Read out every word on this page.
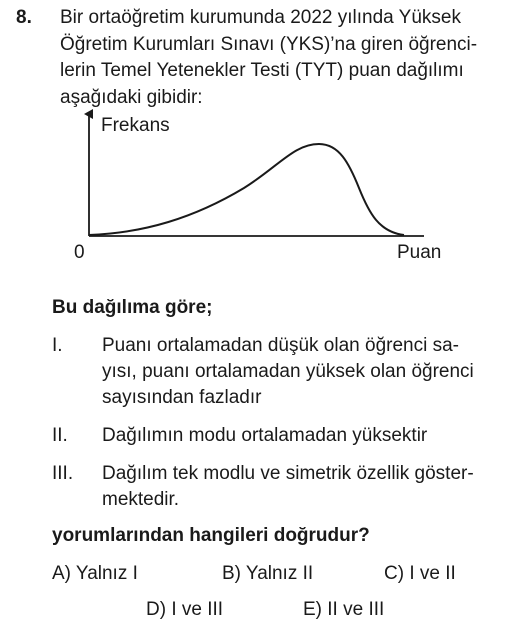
8. Bir ortaöğretim kurumunda 2022 yılında Yüksek
Öğretim Kurumları Sınavı (YKS)’na giren öğrenci-
lerin Temel Yetenekler Testi (TYT) puan dağılımı
aşağıdaki gibidir:
Frekans
0	Puan
Bu dağılıma göre;
I. Puanı ortalamadan düşük olan öğrenci sa-
yısı, puanı ortalamadan yüksek olan öğrenci
sayısından fazladır
II. Dağılımın modu ortalamadan yüksektir
III. Dağılım tek modlu ve simetrik özellik göster-
mektedir.
yorumlarından hangileri doğrudur?
A) Yalnız I	B) Yalnız II	C) I ve II
D) I ve III	E) II ve III
